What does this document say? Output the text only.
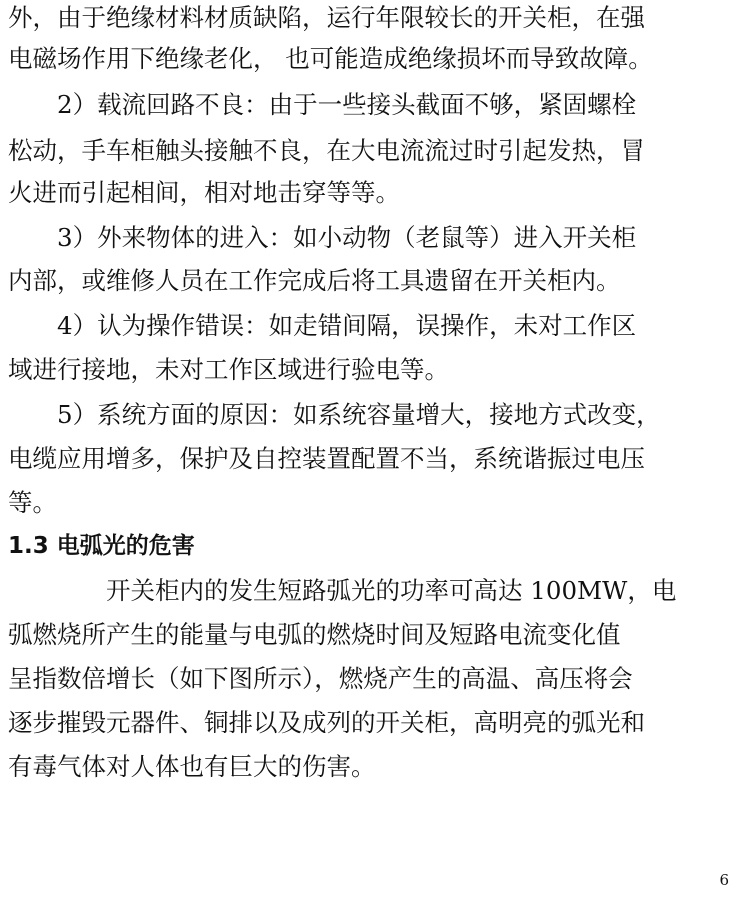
外，由于绝缘材料材质缺陷，运行年限较长的开关柜，在强
电磁场作用下绝缘老化， 也可能造成绝缘损坏而导致故障。
2）载流回路不良：由于一些接头截面不够，紧固螺栓
松动，手车柜触头接触不良，在大电流流过时引起发热，冒
火进而引起相间，相对地击穿等等。
3）外来物体的进入：如小动物（老鼠等）进入开关柜
内部，或维修人员在工作完成后将工具遗留在开关柜内。
4）认为操作错误：如走错间隔，误操作，未对工作区
域进行接地，未对工作区域进行验电等。
5）系统方面的原因：如系统容量增大，接地方式改变，
电缆应用增多，保护及自控装置配置不当，系统谐振过电压
等。
1.3 电弧光的危害
开关柜内的发生短路弧光的功率可高达 100MW，电
弧燃烧所产生的能量与电弧的燃烧时间及短路电流变化值
呈指数倍增长（如下图所示），燃烧产生的高温、高压将会
逐步摧毁元器件、铜排以及成列的开关柜，高明亮的弧光和
有毒气体对人体也有巨大的伤害。
6
